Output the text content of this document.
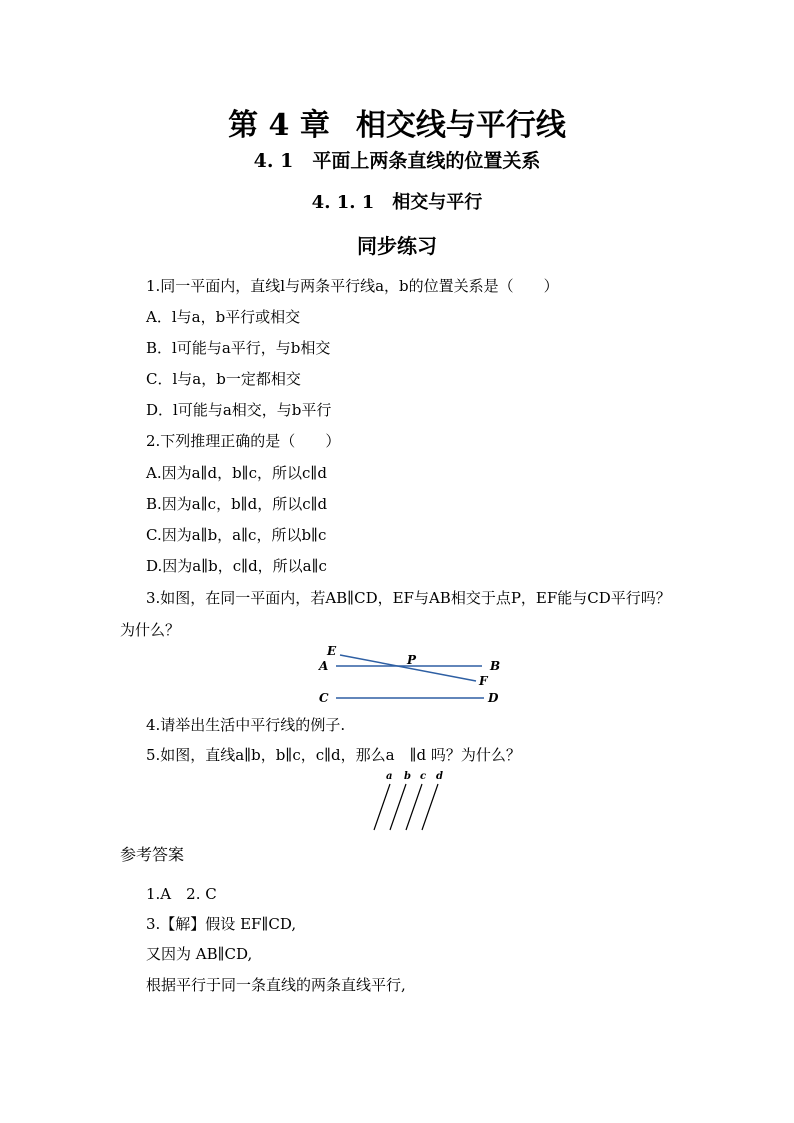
第 4 章 相交线与平行线
4. 1　平面上两条直线的位置关系
4. 1. 1　相交与平行
同步练习
1.同一平面内，直线l与两条平行线a，b的位置关系是（　　）
A．l与a，b平行或相交
B．l可能与a平行，与b相交
C．l与a，b一定都相交
D．l可能与a相交，与b平行
2.下列推理正确的是（　　）
A.因为a∥d，b∥c，所以c∥d
B.因为a∥c，b∥d，所以c∥d
C.因为a∥b，a∥c，所以b∥c
D.因为a∥b，c∥d，所以a∥c
3.如图，在同一平面内，若AB∥CD，EF与AB相交于点P，EF能与CD平行吗？
为什么？
E
A	P	B
F
C	D
4.请举出生活中平行线的例子.
5.如图，直线a∥b，b∥c，c∥d，那么a　∥d 吗？为什么？
a b c d
参考答案
1.A　2. C
3.【解】假设 EF∥CD,
又因为 AB∥CD,
根据平行于同一条直线的两条直线平行,
